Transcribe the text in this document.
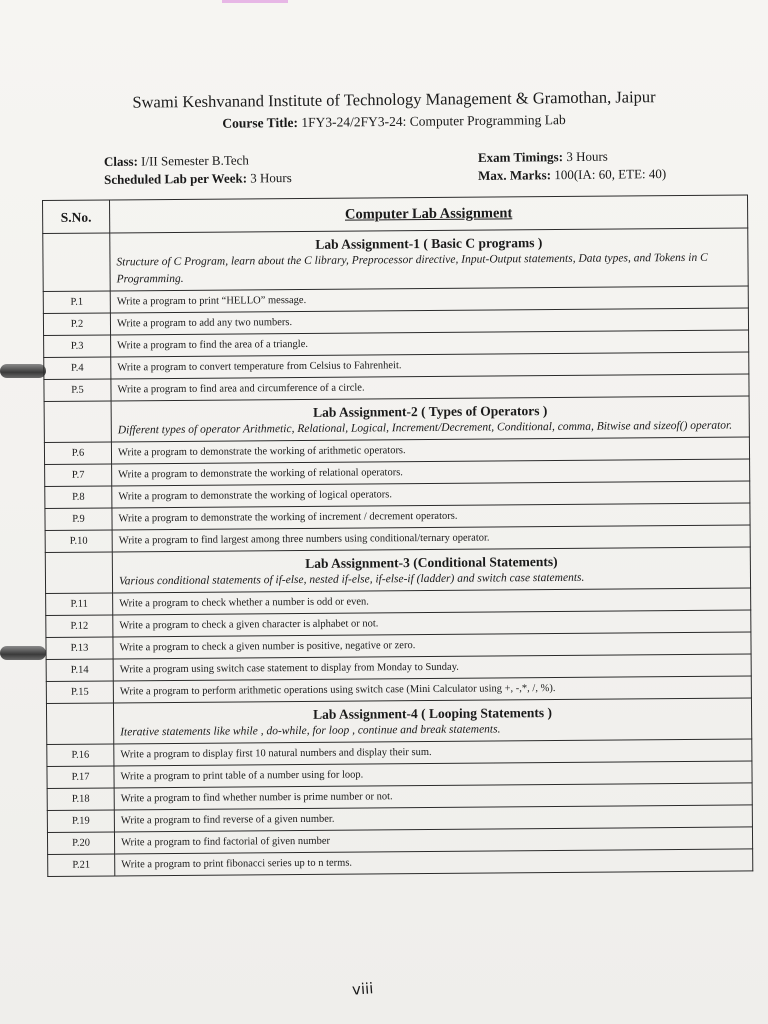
Swami Keshvanand Institute of Technology Management & Gramothan, Jaipur
Course Title: 1FY3-24/2FY3-24: Computer Programming Lab
Class: I/II Semester B.Tech
Scheduled Lab per Week: 3 Hours
Exam Timings: 3 Hours
Max. Marks: 100(IA: 60, ETE: 40)
S.No.	Computer Lab Assignment

	Lab Assignment-1 ( Basic C programs )
Structure of C Program, learn about the C library, Preprocessor directive, Input-Output statements, Data types, and Tokens in C Programming.

P.1	Write a program to print “HELLO” message.
P.2	Write a program to add any two numbers.
P.3	Write a program to find the area of a triangle.
P.4	Write a program to convert temperature from Celsius to Fahrenheit.
P.5	Write a program to find area and circumference of a circle.

	Lab Assignment-2 ( Types of Operators )
Different types of operator Arithmetic, Relational, Logical, Increment/Decrement, Conditional, comma, Bitwise and sizeof() operator.

P.6	Write a program to demonstrate the working of arithmetic operators.
P.7	Write a program to demonstrate the working of relational operators.
P.8	Write a program to demonstrate the working of logical operators.
P.9	Write a program to demonstrate the working of increment / decrement operators.
P.10	Write a program to find largest among three numbers using conditional/ternary operator.

	Lab Assignment-3 (Conditional Statements)
Various conditional statements of if-else, nested if-else, if-else-if (ladder) and switch case statements.

P.11	Write a program to check whether a number is odd or even.
P.12	Write a program to check a given character is alphabet or not.
P.13	Write a program to check a given number is positive, negative or zero.
P.14	Write a program using switch case statement to display from Monday to Sunday.
P.15	Write a program to perform arithmetic operations using switch case (Mini Calculator using +, -,*, /, %).

	Lab Assignment-4 ( Looping Statements )
Iterative statements like while , do-while, for loop , continue and break statements.

P.16	Write a program to display first 10 natural numbers and display their sum.
P.17	Write a program to print table of a number using for loop.
P.18	Write a program to find whether number is prime number or not.
P.19	Write a program to find reverse of a given number.
P.20	Write a program to find factorial of given number
P.21	Write a program to print fibonacci series up to n terms.
viii
